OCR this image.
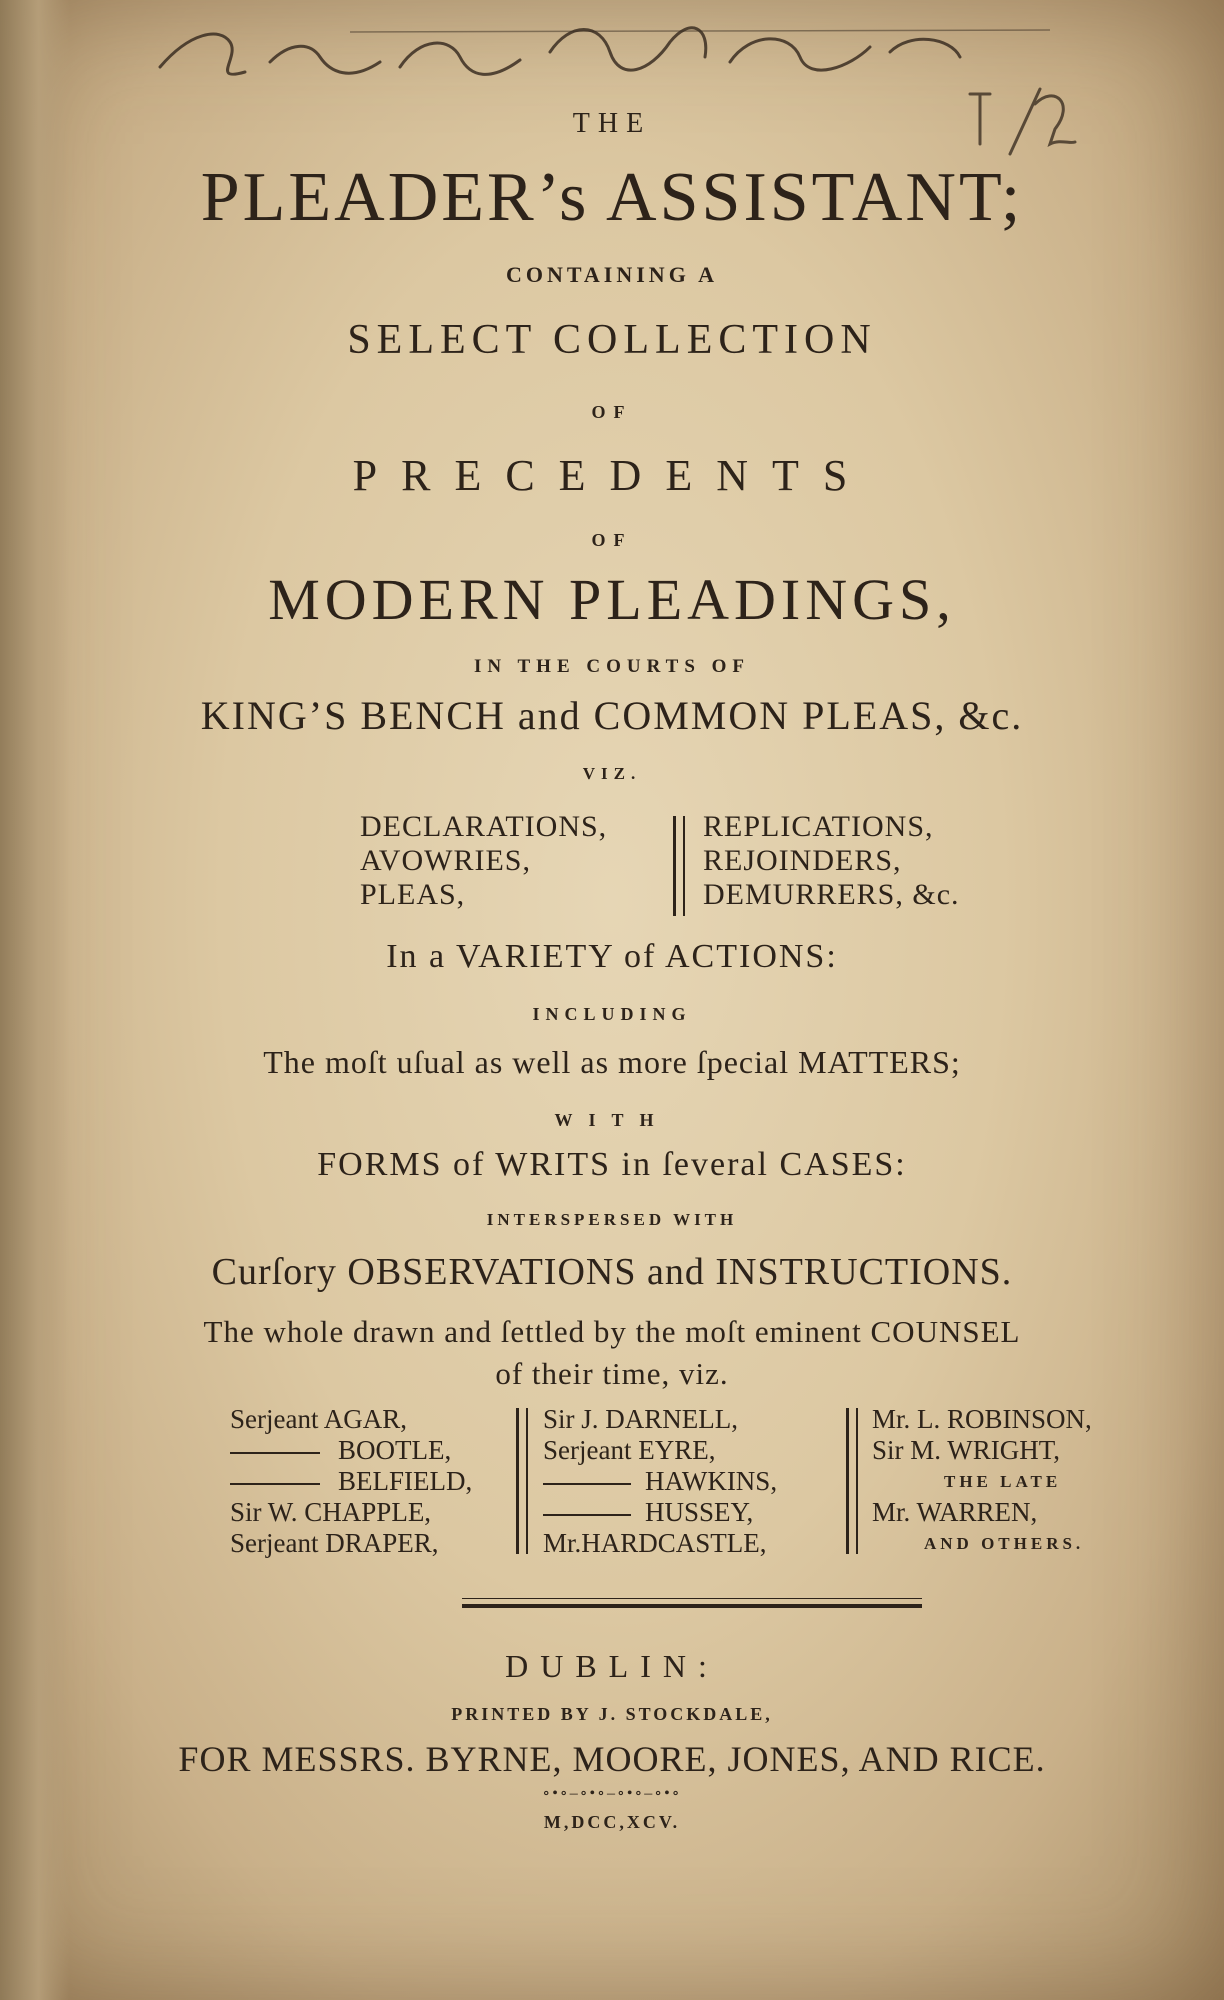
THE
PLEADER’s ASSISTANT;
CONTAINING A
SELECT COLLECTION
OF
PRECEDENTS
OF
MODERN PLEADINGS,
IN THE COURTS OF
KING’S BENCH and COMMON PLEAS, &c.
VIZ.
DECLARATIONS,
AVOWRIES,
PLEAS,
REPLICATIONS,
REJOINDERS,
DEMURRERS, &c.
In a VARIETY of ACTIONS:
INCLUDING
The moſt uſual as well as more ſpecial MATTERS;
WITH
FORMS of WRITS in ſeveral CASES:
INTERSPERSED WITH
Curſory OBSERVATIONS and INSTRUCTIONS.
The whole drawn and ſettled by the moſt eminent COUNSEL
of their time, viz.
Serjeant AGAR,
BOOTLE,
BELFIELD,
Sir W. CHAPPLE,
Serjeant DRAPER,
Sir J. DARNELL,
Serjeant EYRE,
HAWKINS,
HUSSEY,
Mr.HARDCASTLE,
Mr. L. ROBINSON,
Sir M. WRIGHT,
THE LATE
Mr. WARREN,
AND OTHERS.
DUBLIN:
PRINTED BY J. STOCKDALE,
FOR MESSRS. BYRNE, MOORE, JONES, AND RICE.
∘•∘–∘•∘–∘•∘–∘•∘
M,DCC,XCV.
